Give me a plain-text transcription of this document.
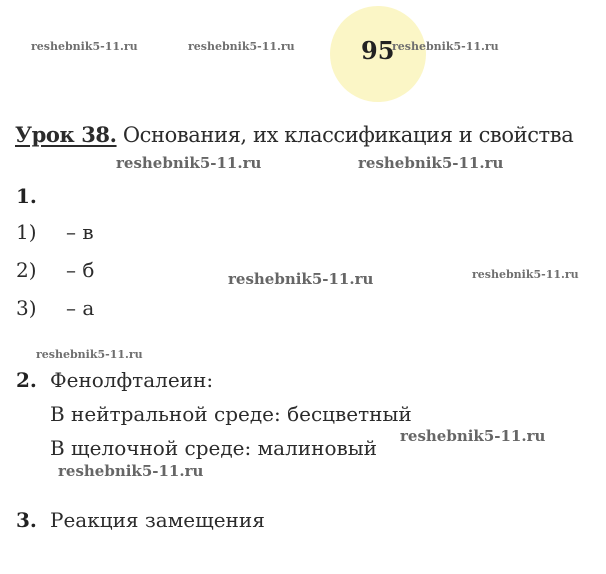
95
reshebnik5-11.ru	reshebnik5-11.ru	reshebnik5-11.ru
reshebnik5-11.ru	reshebnik5-11.ru
reshebnik5-11.ru	reshebnik5-11.ru
reshebnik5-11.ru
reshebnik5-11.ru
reshebnik5-11.ru
Урок 38. Основания, их классификация и свойства
1.
1) – в
2) – б
3) – а
2. Фенолфталеин:
В нейтральной среде: бесцветный
В щелочной среде: малиновый
3. Реакция замещения
